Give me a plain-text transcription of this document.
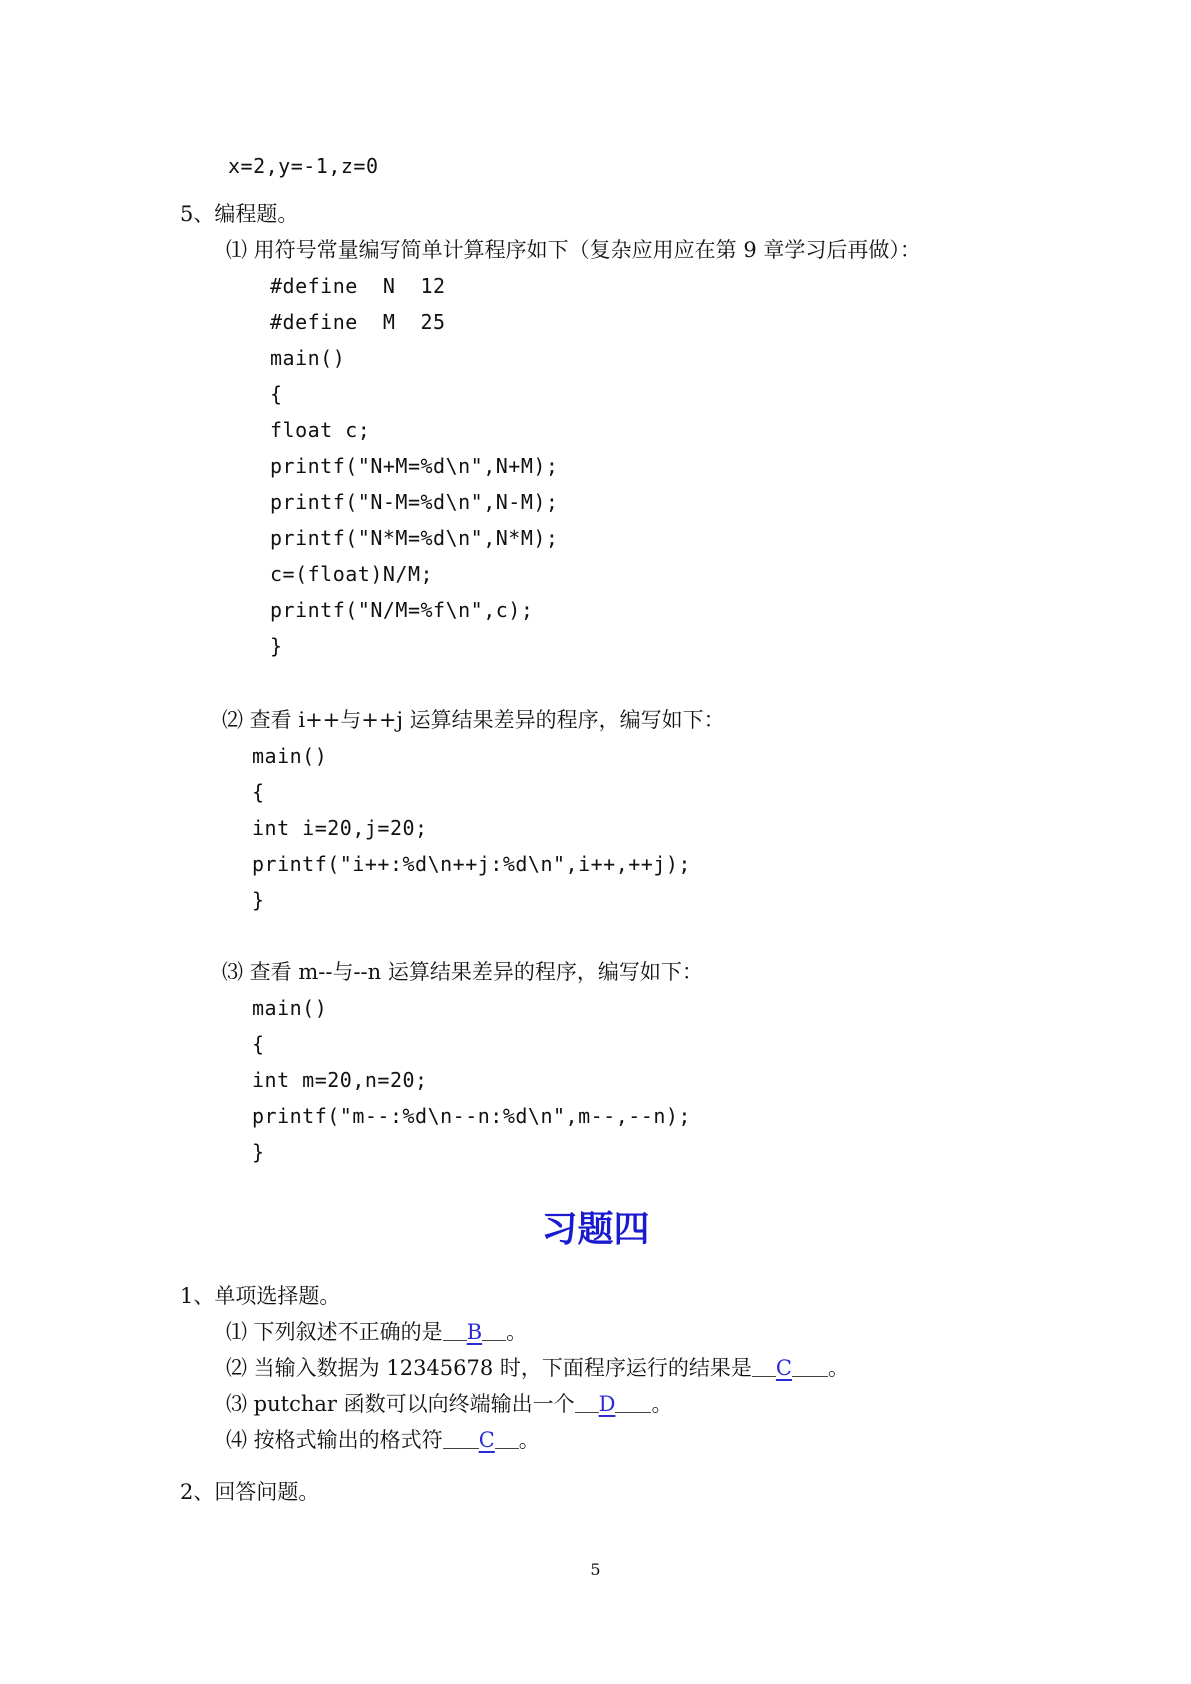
x=2,y=-1,z=0
5、编程题。
⑴ 用符号常量编写简单计算程序如下（复杂应用应在第 9 章学习后再做）：
#define  N  12
#define  M  25
main()
{
float c;
printf("N+M=%d\n",N+M);
printf("N-M=%d\n",N-M);
printf("N*M=%d\n",N*M);
c=(float)N/M;
printf("N/M=%f\n",c);
}
⑵ 查看 i++与++j 运算结果差异的程序，编写如下：
main()
{
int i=20,j=20;
printf("i++:%d\n++j:%d\n",i++,++j);
}
⑶ 查看 m--与--n 运算结果差异的程序，编写如下：
main()
{
int m=20,n=20;
printf("m--:%d\n--n:%d\n",m--,--n);
}
习题四
1、单项选择题。
⑴ 下列叙述不正确的是 B 。
⑵ 当输入数据为 12345678 时，下面程序运行的结果是 C 。
⑶ putchar 函数可以向终端输出一个 D 。
⑷ 按格式输出的格式符 C 。
2、回答问题。
5
